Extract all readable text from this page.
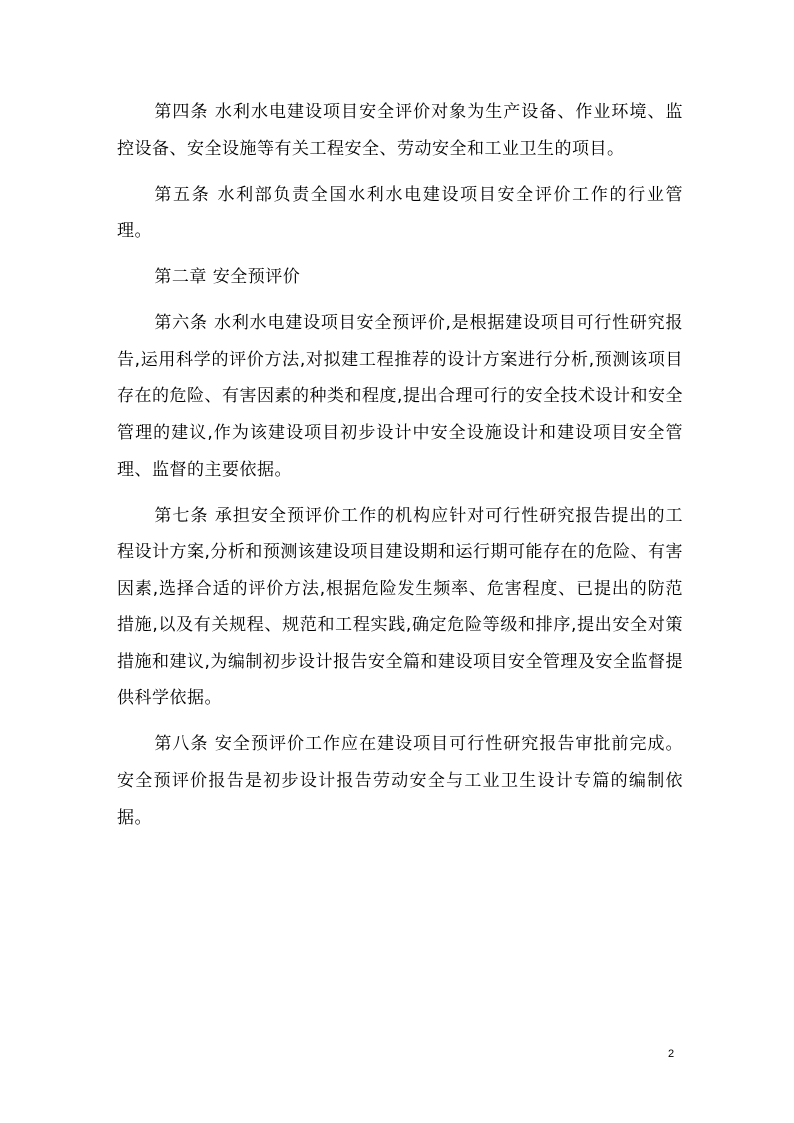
第四条 水利水电建设项目安全评价对象为生产设备、作业环境、监控设备、安全设施等有关工程安全、劳动安全和工业卫生的项目。

第五条 水利部负责全国水利水电建设项目安全评价工作的行业管理。

第二章 安全预评价

第六条 水利水电建设项目安全预评价,是根据建设项目可行性研究报告,运用科学的评价方法,对拟建工程推荐的设计方案进行分析,预测该项目存在的危险、有害因素的种类和程度,提出合理可行的安全技术设计和安全管理的建议,作为该建设项目初步设计中安全设施设计和建设项目安全管理、监督的主要依据。

第七条 承担安全预评价工作的机构应针对可行性研究报告提出的工程设计方案,分析和预测该建设项目建设期和运行期可能存在的危险、有害因素,选择合适的评价方法,根据危险发生频率、危害程度、已提出的防范措施,以及有关规程、规范和工程实践,确定危险等级和排序,提出安全对策措施和建议,为编制初步设计报告安全篇和建设项目安全管理及安全监督提供科学依据。

第八条 安全预评价工作应在建设项目可行性研究报告审批前完成。安全预评价报告是初步设计报告劳动安全与工业卫生设计专篇的编制依据。

2
